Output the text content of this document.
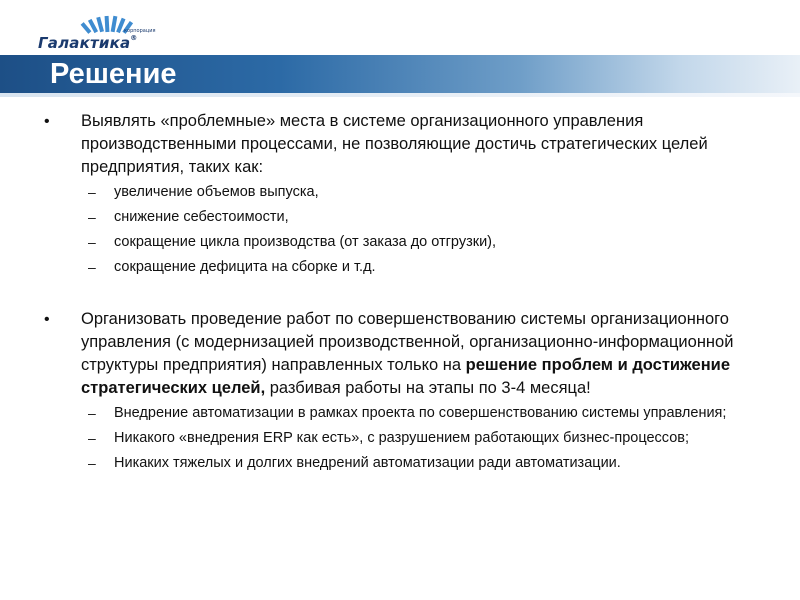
корпорация
Галактика®
Решение
•	Выявлять «проблемные» места в системе организационного управления производственными процессами, не позволяющие достичь стратегических целей предприятия, таких как:
– увеличение объемов выпуска,
– снижение себестоимости,
– сокращение цикла производства (от заказа до отгрузки),
– сокращение дефицита на сборке и т.д.
•	Организовать проведение работ по совершенствованию системы организационного управления (с модернизацией производственной, организационно-информационной структуры предприятия) направленных только на решение проблем и достижение стратегических целей, разбивая работы на этапы по 3-4 месяца!
– Внедрение автоматизации в рамках проекта по совершенствованию системы управления;
– Никакого «внедрения ERP как есть», с разрушением работающих бизнес-процессов;
– Никаких тяжелых и долгих внедрений автоматизации ради автоматизации.
